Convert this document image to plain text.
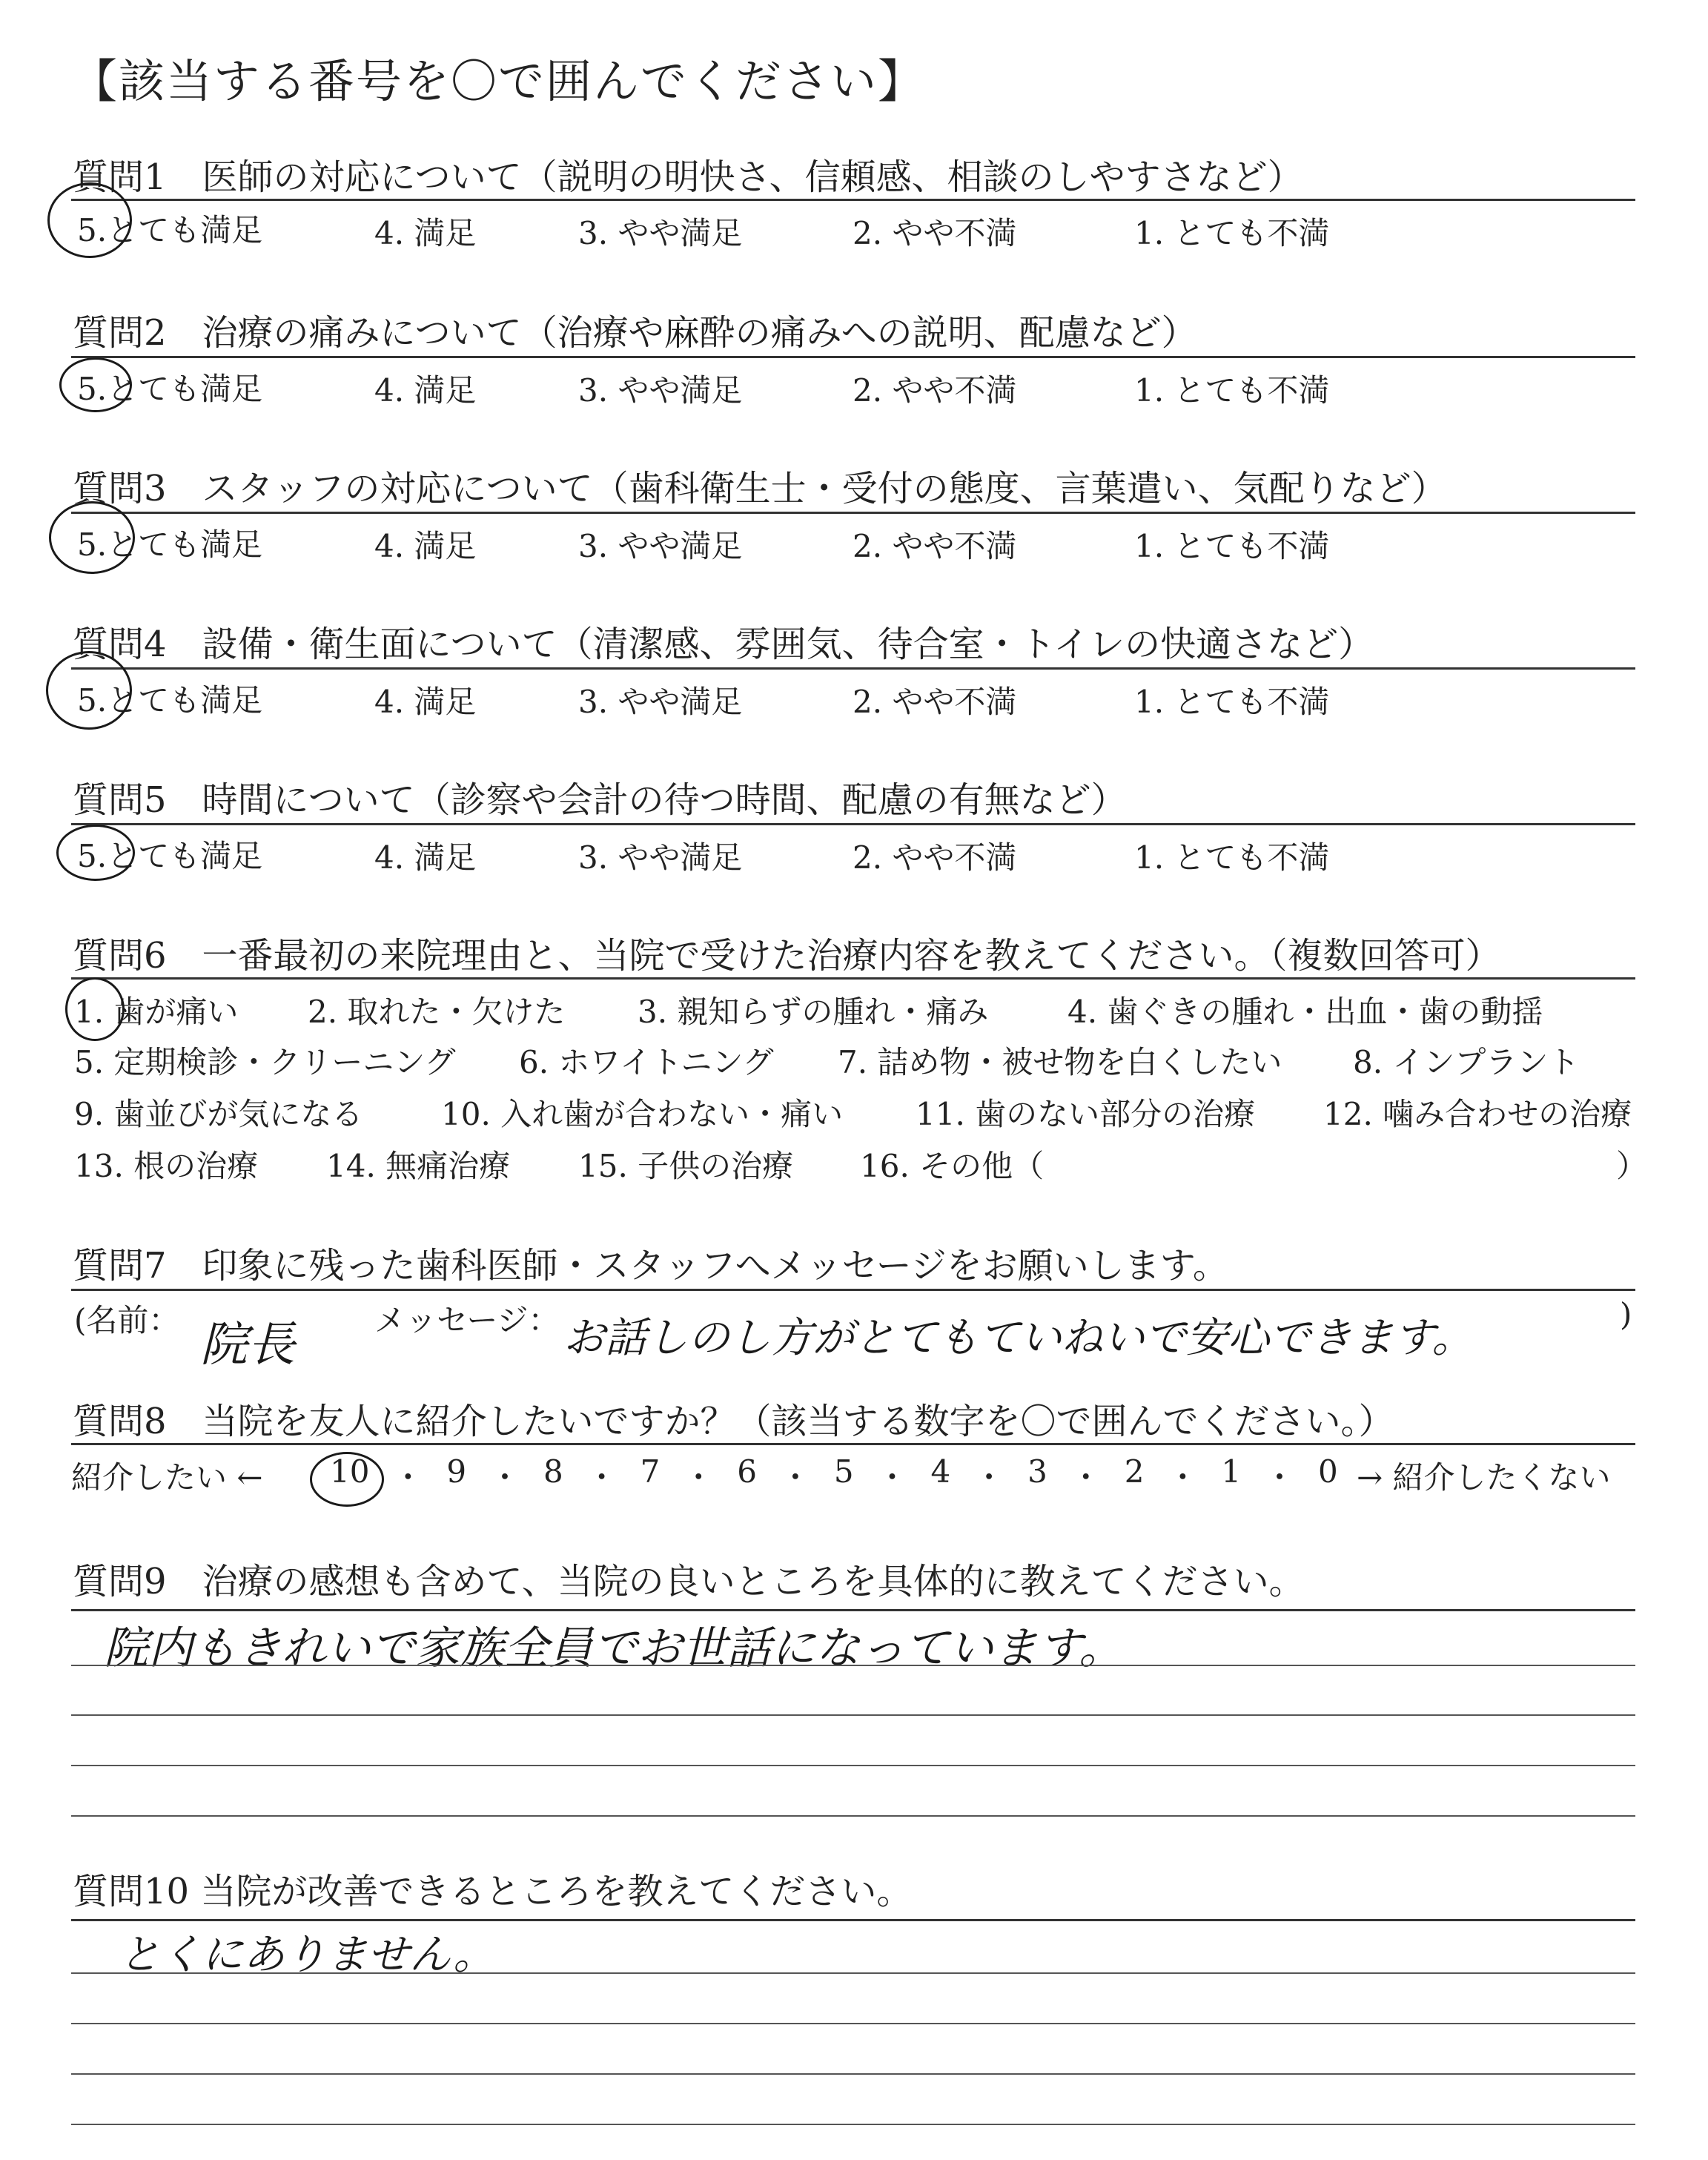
【該当する番号を〇で囲んでください】
質問1　医師の対応について（説明の明快さ、信頼感、相談のしやすさなど）
5.とても満足	4. 満足	3. やや満足	2. やや不満	1. とても不満
質問2　治療の痛みについて（治療や麻酔の痛みへの説明、配慮など）
5.とても満足	4. 満足	3. やや満足	2. やや不満	1. とても不満
質問3　スタッフの対応について（歯科衛生士・受付の態度、言葉遣い、気配りなど）
5.とても満足	4. 満足	3. やや満足	2. やや不満	1. とても不満
質問4　設備・衛生面について（清潔感、雰囲気、待合室・トイレの快適さなど）
5.とても満足	4. 満足	3. やや満足	2. やや不満	1. とても不満
質問5　時間について（診察や会計の待つ時間、配慮の有無など）
5.とても満足	4. 満足	3. やや満足	2. やや不満	1. とても不満
質問6　一番最初の来院理由と、当院で受けた治療内容を教えてください。（複数回答可）
1. 歯が痛い 2. 取れた・欠けた 3. 親知らずの腫れ・痛み	4. 歯ぐきの腫れ・出血・歯の動揺
5. 定期検診・クリーニング 6. ホワイトニング 7. 詰め物・被せ物を白くしたい 8. インプラント
9. 歯並びが気になる	10. 入れ歯が合わない・痛い 11. 歯のない部分の治療 12. 噛み合わせの治療
13. 根の治療 14. 無痛治療 15. 子供の治療 16. その他（	）
質問7　印象に残った歯科医師・スタッフへメッセージをお願いします。
(名前： 院長	メッセージ： お話しのし方がとてもていねいで安心できます。	)
質問8　当院を友人に紹介したいですか？（該当する数字を〇で囲んでください。）
紹介したい ← 10 ・ 9 ・ 8 ・ 7 ・ 6 ・ 5 ・ 4 ・ 3 ・ 2 ・ 1 ・ 0 → 紹介したくない
質問9　治療の感想も含めて、当院の良いところを具体的に教えてください。
院内もきれいで家族全員でお世話になっています。
質問10 当院が改善できるところを教えてください。
とくにありません。
